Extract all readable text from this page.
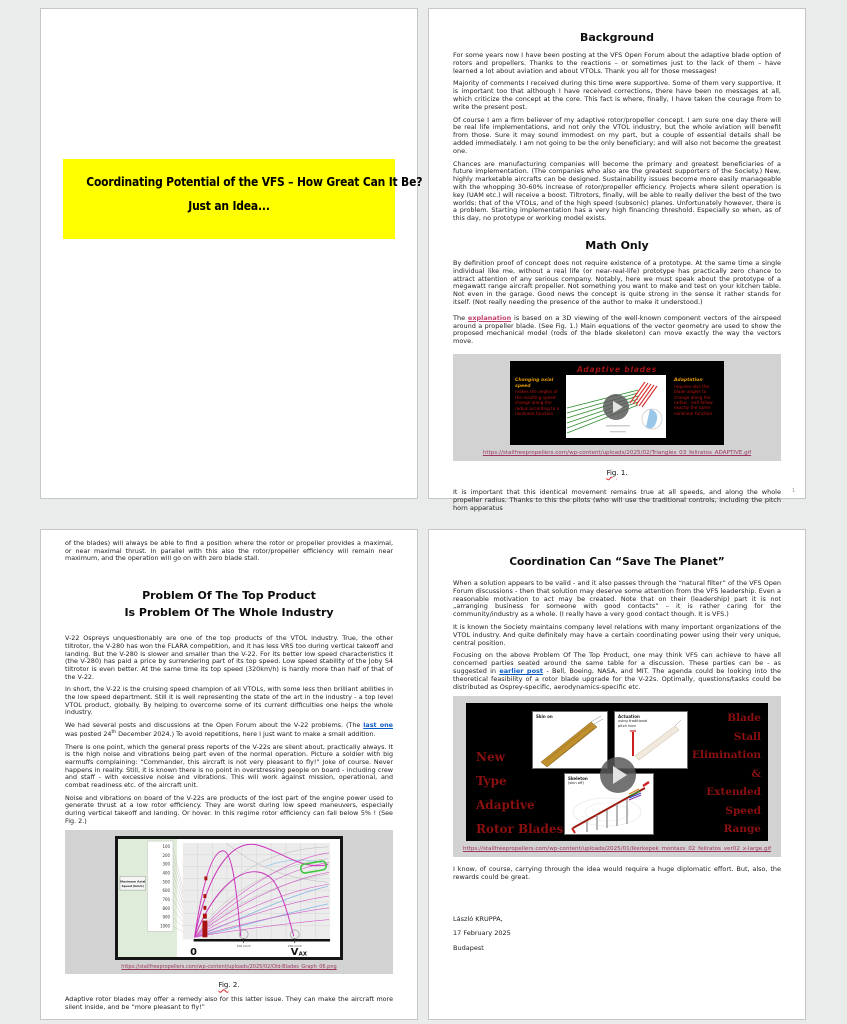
Coordinating Potential of the VFS – How Great Can It Be?
Just an Idea...
Background

For some years now I have been posting at the VFS Open Forum about the adaptive blade option of rotors and propellers. Thanks to the reactions – or sometimes just to the lack of them – have learned a lot about aviation and about VTOLs. Thank you all for those messages!

Majority of comments I received during this time were supportive. Some of them very supportive. It is important too that although I have received corrections, there have been no messages at all, which criticize the concept at the core. This fact is where, finally, I have taken the courage from to write the present post.

Of course I am a firm believer of my adaptive rotor/propeller concept. I am sure one day there will be real life implementations, and not only the VTOL industry, but the whole aviation will benefit from those. Sure it may sound immodest on my part, but a couple of essential details shall be added immediately. I am not going to be the only beneficiary; and will also not become the greatest one.

Chances are manufacturing companies will become the primary and greatest beneficiaries of a future implementation. (The companies who also are the greatest supporters of the Society.) New, highly marketable aircrafts can be designed. Sustainability issues become more easily manageable with the whopping 30-60% increase of rotor/propeller efficiency. Projects where silent operation is key (UAM etc.) will receive a boost. Tiltrotors, finally, will be able to really deliver the best of the two worlds: that of the VTOLs, and of the high speed (subsonic) planes. Unfortunately however, there is a problem. Starting implementation has a very high financing threshold. Especially so when, as of this day, no prototype or working model exists.

Math Only

By definition proof of concept does not require existence of a prototype. At the same time a single individual like me, without a real life (or near-real-life) prototype has practically zero chance to attract attention of any serious company. Notably, here we must speak about the prototype of a megawatt range aircraft propeller. Not something you want to make and test on your kitchen table. Not even in the garage. Good news the concept is quite strong in the sense it rather stands for itself. (Not really needing the presence of the author to make it understood.)

The explanation is based on a 3D viewing of the well-known component vectors of the airspeed around a propeller blade. (See Fig. 1.) Main equations of the vector geometry are used to show the proposed mechanical model (rods of the blade skeleton) can move exactly the way the vectors move.

Adaptive blades
Changing axial speed
makes the angles of the resulting speed change along the radius according to a nonlinear function.
Adaptation
requires also the blade angles to change along the radius - and follow exactly the same nonlinear function.
https://stallfreepropellers.com/wp-content/uploads/2025/02/Triangles_03_feliratos_ADAPTIVE.gif
Fig. 1.

It is important that this identical movement remains true at all speeds, and along the whole propeller radius. Thanks to this the pilots (who will use the traditional controls, including the pitch horn apparatus

1

of the blades) will always be able to find a position where the rotor or propeller provides a maximal, or near maximal thrust. In parallel with this also the rotor/propeller efficiency will remain near maximum, and the operation will go on with zero blade stall.

Problem Of The Top Product
Is Problem Of The Whole Industry

V-22 Ospreys unquestionably are one of the top products of the VTOL industry. True, the other tiltrotor, the V-280 has won the FLARA competition, and it has less VRS too during vertical takeoff and landing. But the V-280 is slower and smaller than the V-22. For its better low speed characteristics it (the V-280) has paid a price by surrendering part of its top speed. Low speed stability of the Joby S4 tiltrotor is even better. At the same time its top speed (320km/h) is hardly more than half of that of the V-22.

In short, the V-22 is the cruising speed champion of all VTOLs, with some less then brilliant abilities in the low speed department. Still it is well representing the state of the art in the industry - a top level VTOL product, globally. By helping to overcome some of its current difficulties one helps the whole industry.

We had several posts and discussions at the Open Forum about the V-22 problems. (The last one was posted 24th December 2024.) To avoid repetitions, here I just want to make a small addition.

There is one point, which the general press reports of the V-22s are silent about, practically always. It is the high noise and vibrations being part even of the normal operation. Picture a soldier with big earmuffs complaining: “Commander, this aircraft is not very pleasant to fly!” Joke of course. Never happens in reality. Still, it is known there is no point in overstressing people on board - including crew and staff - with excessive noise and vibrations. This will work against mission, operational, and combat readiness etc. of the aircraft unit.

Noise and vibrations on board of the V-22s are products of the lost part of the engine power used to generate thrust at a low rotor efficiency. They are worst during low speed maneuvers, especially during vertical takeoff and landing. Or hover. In this regime rotor efficiency can fall below 5% ! (See Fig. 2.)

100
200
300
400
500
600
700
800
900
1000
Maximum Axial
Speed (km/h)
100 km/h	200 km/h
0	V AX
https://stallfreepropellers.com/wp-content/uploads/2025/02/Old-Blades_Graph_06.png
Fig. 2.

Adaptive rotor blades may offer a remedy also for this latter issue. They can make the aircraft more silent inside, and be “more pleasant to fly!”

Coordination Can “Save The Planet”

When a solution appears to be valid - and it also passes through the “natural filter” of the VFS Open Forum discussions - then that solution may deserve some attention from the VFS leadership. Even a reasonable motivation to act may be created. Note that on their (leadership) part it is not „arranging business for someone with good contacts” – it is rather caring for the community/industry as a whole. (I really have a very good contact though. It is VFS.)

It is known the Society maintains company level relations with many important organizations of the VTOL industry. And quite definitely may have a certain coordinating power using their very unique, central position.

Focusing on the above Problem Of The Top Product, one may think VFS can achieve to have all concerned parties seated around the same table for a discussion. These parties can be - as suggested in earlier post - Bell, Boeing, NASA, and MIT. The agenda could be looking into the theoretical feasibility of a rotor blade upgrade for the V-22s. Optimally, questions/tasks could be distributed as Osprey-specific, aerodynamics-specific etc.

New
Type
Adaptive
Rotor Blades
Blade
Stall
Elimination
&
Extended
Speed
Range
Skin on	Actuation
using traditional pitch horn
Skeleton
(skin off)
https://stallfreepropellers.com/wp-content/uploads/2025/01/Ikerkepek_montazs_02_feliratos_ver02_x-large.gif

I know, of course, carrying through the idea would require a huge diplomatic effort. But, also, the rewards could be great.

László KRUPPA,
17 February 2025
Budapest
